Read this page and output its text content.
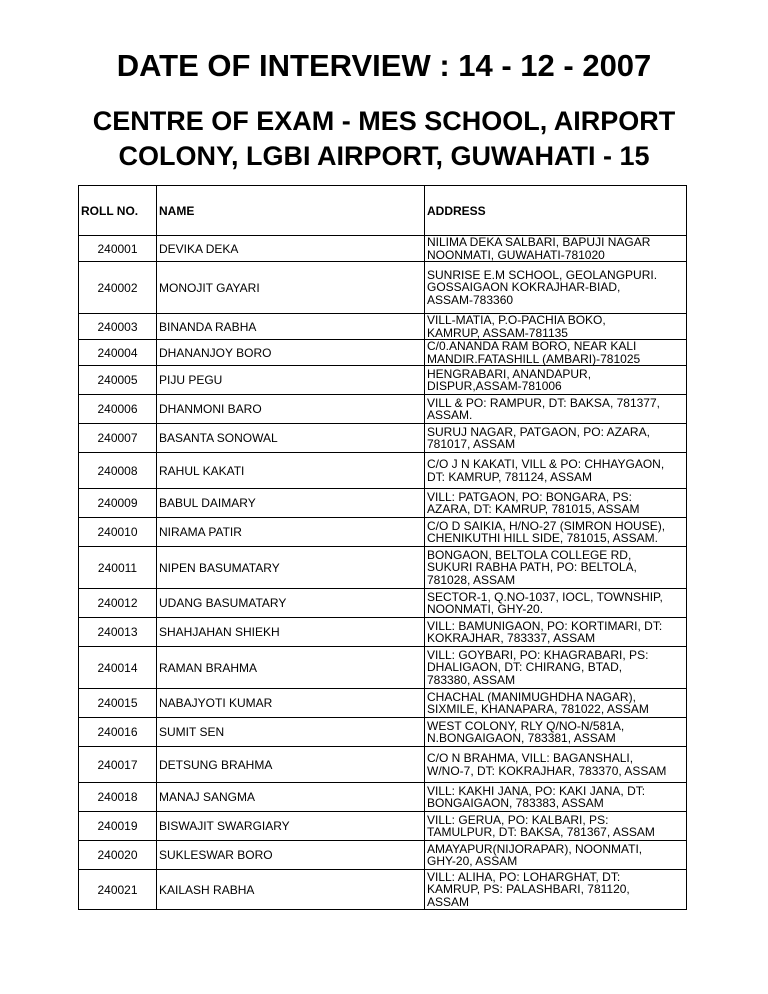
DATE OF INTERVIEW : 14 - 12 - 2007
CENTRE OF EXAM - MES SCHOOL, AIRPORT
COLONY, LGBI AIRPORT, GUWAHATI - 15
ROLL NO.	NAME	ADDRESS
240001	DEVIKA DEKA	NILIMA DEKA SALBARI, BAPUJI NAGAR
NOONMATI, GUWAHATI-781020

240002	MONOJIT GAYARI	SUNRISE E.M SCHOOL, GEOLANGPURI.
GOSSAIGAON KOKRAJHAR-BIAD,
ASSAM-783360

240003	BINANDA RABHA	VILL-MATIA, P.O-PACHIA BOKO,
KAMRUP, ASSAM-781135

240004	DHANANJOY BORO	C/0.ANANDA RAM BORO, NEAR KALI
MANDIR.FATASHILL (AMBARI)-781025

240005	PIJU PEGU	HENGRABARI, ANANDAPUR,
DISPUR,ASSAM-781006

240006	DHANMONI BARO	VILL & PO: RAMPUR, DT: BAKSA, 781377,
ASSAM.

240007	BASANTA SONOWAL	SURUJ NAGAR, PATGAON, PO: AZARA,
781017, ASSAM

240008	RAHUL KAKATI	C/O J N KAKATI, VILL & PO: CHHAYGAON,
DT: KAMRUP, 781124, ASSAM

240009	BABUL DAIMARY	VILL: PATGAON, PO: BONGARA, PS:
AZARA, DT: KAMRUP, 781015, ASSAM

240010	NIRAMA PATIR	C/O D SAIKIA, H/NO-27 (SIMRON HOUSE),
CHENIKUTHI HILL SIDE, 781015, ASSAM.

240011	NIPEN BASUMATARY	BONGAON, BELTOLA COLLEGE RD,
SUKURI RABHA PATH, PO: BELTOLA,
781028, ASSAM

240012	UDANG BASUMATARY	SECTOR-1, Q.NO-1037, IOCL, TOWNSHIP,
NOONMATI, GHY-20.

240013	SHAHJAHAN SHIEKH	VILL: BAMUNIGAON, PO: KORTIMARI, DT:
KOKRAJHAR, 783337, ASSAM

240014	RAMAN BRAHMA	VILL: GOYBARI, PO: KHAGRABARI, PS:
DHALIGAON, DT: CHIRANG, BTAD,
783380, ASSAM

240015	NABAJYOTI KUMAR	CHACHAL (MANIMUGHDHA NAGAR),
SIXMILE, KHANAPARA, 781022, ASSAM

240016	SUMIT SEN	WEST COLONY, RLY Q/NO-N/581A,
N.BONGAIGAON, 783381, ASSAM

240017	DETSUNG BRAHMA	C/O N BRAHMA, VILL: BAGANSHALI,
W/NO-7, DT: KOKRAJHAR, 783370, ASSAM

240018	MANAJ SANGMA	VILL: KAKHI JANA, PO: KAKI JANA, DT:
BONGAIGAON, 783383, ASSAM

240019	BISWAJIT SWARGIARY	VILL: GERUA, PO: KALBARI, PS:
TAMULPUR, DT: BAKSA, 781367, ASSAM

240020	SUKLESWAR BORO	AMAYAPUR(NIJORAPAR), NOONMATI,
GHY-20, ASSAM

240021	KAILASH RABHA	VILL: ALIHA, PO: LOHARGHAT, DT:
KAMRUP, PS: PALASHBARI, 781120,
ASSAM
